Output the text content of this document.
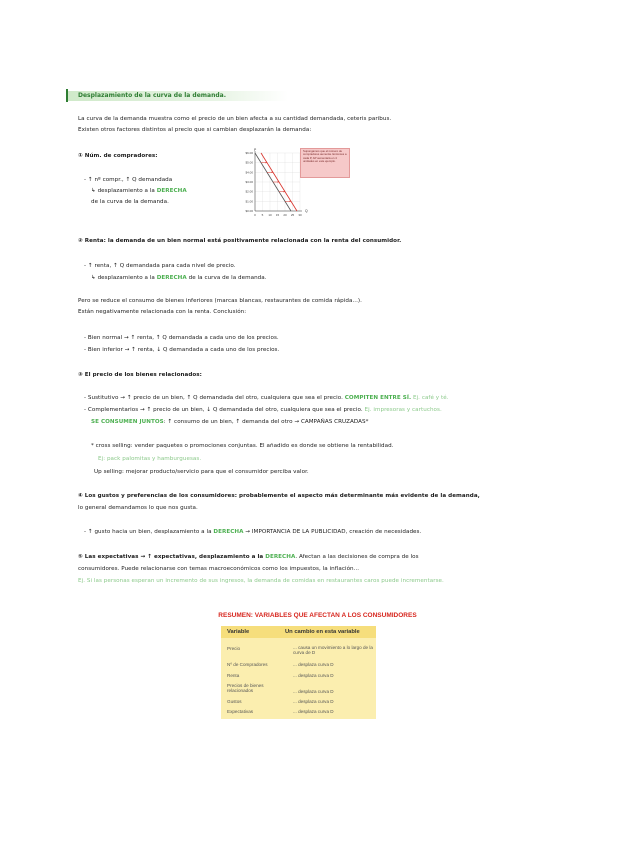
Desplazamiento de la curva de la demanda.
La curva de la demanda muestra como el precio de un bien afecta a su cantidad demandada, ceteris paribus.
Existen otros factores distintos al precio que si cambian desplazarán la demanda:
① Núm. de compradores:
- ↑ nº compr., ↑ Q demandada
↳ desplazamiento a la DERECHA
de la curva de la demanda.
0 5 10 15 20 25 30
$0.00
$1.00
$2.00
$3.00
$4.00
$5.00
$6.00
P
Q
Supongamos que el número de compradores aumenta. Entonces a cada P, AP aumentará en 4 unidades en este ejemplo.
② Renta: la demanda de un bien normal está positivamente relacionada con la renta del consumidor.
- ↑ renta, ↑ Q demandada para cada nivel de precio.
↳ desplazamiento a la DERECHA de la curva de la demanda.
Pero se reduce el consumo de bienes inferiores (marcas blancas, restaurantes de comida rápida...).
Están negativamente relacionada con la renta. Conclusión:
- Bien normal → ↑ renta, ↑ Q demandada a cada uno de los precios.
- Bien inferior → ↑ renta, ↓ Q demandada a cada uno de los precios.
③ El precio de los bienes relacionados:
- Sustitutivo → ↑ precio de un bien, ↑ Q demandada del otro, cualquiera que sea el precio. COMPITEN ENTRE SÍ. Ej. café y té.
- Complementarios → ↑ precio de un bien, ↓ Q demandada del otro, cualquiera que sea el precio. Ej. impresoras y cartuchos.
SE CONSUMEN JUNTOS: ↑ consumo de un bien, ↑ demanda del otro → CAMPAÑAS CRUZADAS*
* cross selling: vender paquetes o promociones conjuntas. El añadido es donde se obtiene la rentabilidad.
Ej: pack palomitas y hamburguesas.
Up selling: mejorar producto/servicio para que el consumidor perciba valor.
④ Los gustos y preferencias de los consumidores: probablemente el aspecto más determinante más evidente de la demanda,
lo general demandamos lo que nos gusta.
- ↑ gusto hacia un bien, desplazamiento a la DERECHA → IMPORTANCIA DE LA PUBLICIDAD, creación de necesidades.
⑤ Las expectativas → ↑ expectativas, desplazamiento a la DERECHA. Afectan a las decisiones de compra de los
consumidores. Puede relacionarse con temas macroeconómicos como los impuestos, la inflación...
Ej. Si las personas esperan un incremento de sus ingresos, la demanda de comidas en restaurantes caros puede incrementarse.
RESUMEN: VARIABLES QUE AFECTAN A LOS CONSUMIDORES
Variable	Un cambio en esta variable
Precio	... causa un movimiento a lo largo de la curva de D
Nº de Compradores	... desplaza curva D
Renta	... desplaza curva D
Precios de bienes relacionados	... desplaza curva D
Gustos	... desplaza curva D
Expectativas	... desplaza curva D
